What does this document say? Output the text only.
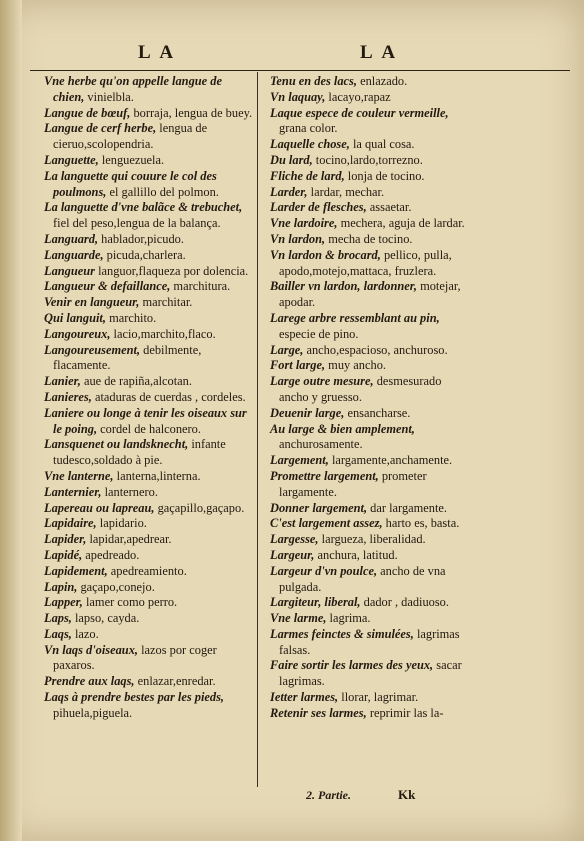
L A	L A

Vne herbe qu'on appelle langue de chien, vinielbla.

Langue de bœuf, borraja, lengua de buey.

Langue de cerf herbe, lengua de cieruo,scolopendria.

Languette, lenguezuela.

La languette qui couure le col des poulmons, el gallillo del polmon.

La languette d'vne balãce & trebuchet, fiel del peso,lengua de la balança.

Languard, hablador,picudo.

Languarde, picuda,charlera.

Langueur languor,flaqueza por dolencia.

Langueur & defaillance, marchitura.

Venir en langueur, marchitar.

Qui languit, marchito.

Langoureux, lacio,marchito,flaco.

Langoureusement, debilmente, flacamente.

Lanier, aue de rapiña,alcotan.

Lanieres, ataduras de cuerdas , cordeles.

Laniere ou longe à tenir les oiseaux sur le poing, cordel de halconero.

Lansquenet ou landsknecht, infante tudesco,soldado à pie.

Vne lanterne, lanterna,linterna.

Lanternier, lanternero.

Lapereau ou lapreau, gaçapillo,gaçapo.

Lapidaire, lapidario.

Lapider, lapidar,apedrear.

Lapidé, apedreado.

Lapidement, apedreamiento.

Lapin, gaçapo,conejo.

Lapper, lamer como perro.

Laps, lapso, cayda.

Laqs, lazo.

Vn laqs d'oiseaux, lazos por coger paxaros.

Prendre aux laqs, enlazar,enredar.

Laqs à prendre bestes par les pieds, pihuela,piguela.

Tenu en des lacs, enlazado.

Vn laquay, lacayo,rapaz

Laque espece de couleur vermeille, grana color.

Laquelle chose, la qual cosa.

Du lard, tocino,lardo,torrezno.

Fliche de lard, lonja de tocino.

Larder, lardar, mechar.

Larder de flesches, assaetar.

Vne lardoire, mechera, aguja de lardar.

Vn lardon, mecha de tocino.

Vn lardon & brocard, pellico, pulla, apodo,motejo,mattaca, fruzlera.

Bailler vn lardon, lardonner, motejar, apodar.

Larege arbre ressemblant au pin, especie de pino.

Large, ancho,espacioso, anchuroso.

Fort large, muy ancho.

Large outre mesure, desmesurado ancho y gruesso.

Deuenir large, ensancharse.

Au large & bien amplement, anchurosamente.

Largement, largamente,anchamente.

Promettre largement, prometer largamente.

Donner largement, dar largamente.

C'est largement assez, harto es, basta.

Largesse, largueza, liberalidad.

Largeur, anchura, latitud.

Largeur d'vn poulce, ancho de vna pulgada.

Largiteur, liberal, dador , dadiuoso.

Vne larme, lagrima.

Larmes feinctes & simulées, lagrimas falsas.

Faire sortir les larmes des yeux, sacar lagrimas.

Ietter larmes, llorar, lagrimar.

Retenir ses larmes, reprimir las la-

2. Partie.	Kk
